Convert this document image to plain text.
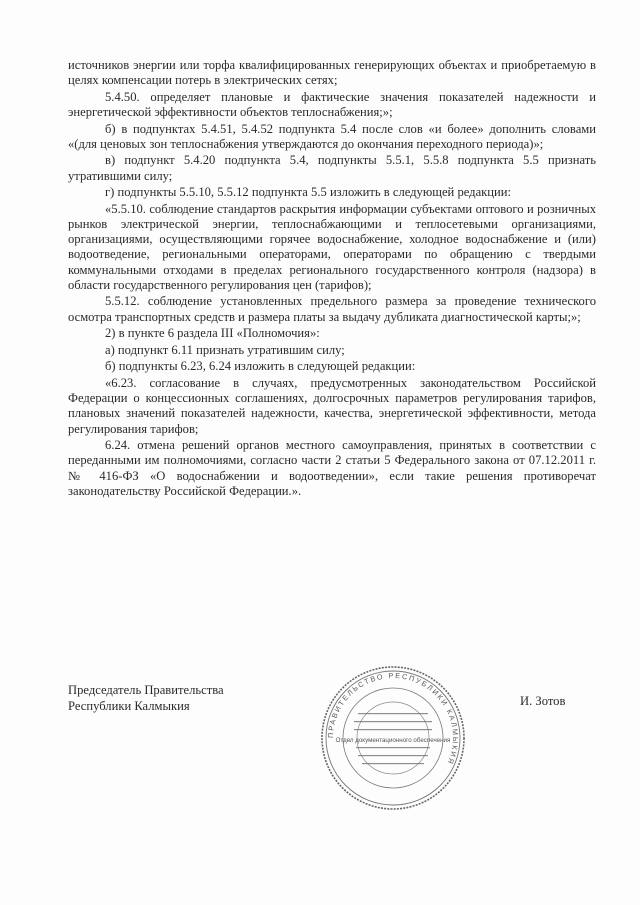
источников энергии или торфа квалифицированных генерирующих объектах и приобретаемую в целях компенсации потерь в электрических сетях;

5.4.50. определяет плановые и фактические значения показателей надежности и энергетической эффективности объектов теплоснабжения;»;

б) в подпунктах 5.4.51, 5.4.52 подпункта 5.4 после слов «и более» дополнить словами «(для ценовых зон теплоснабжения утверждаются до окончания переходного периода)»;

в) подпункт 5.4.20 подпункта 5.4, подпункты 5.5.1, 5.5.8 подпункта 5.5 признать утратившими силу;

г) подпункты 5.5.10, 5.5.12 подпункта 5.5 изложить в следующей редакции:

«5.5.10. соблюдение стандартов раскрытия информации субъектами оптового и розничных рынков электрической энергии, теплоснабжающими и теплосетевыми организациями, организациями, осуществляющими горячее водоснабжение, холодное водоснабжение и (или) водоотведение, региональными операторами, операторами по обращению с твердыми коммунальными отходами в пределах регионального государственного контроля (надзора) в области государственного регулирования цен (тарифов);

5.5.12. соблюдение установленных предельного размера за проведение технического осмотра транспортных средств и размера платы за выдачу дубликата диагностической карты;»;

2) в пункте 6 раздела III «Полномочия»:

а) подпункт 6.11 признать утратившим силу;

б) подпункты 6.23, 6.24 изложить в следующей редакции:

«6.23. согласование в случаях, предусмотренных законодательством Российской Федерации о концессионных соглашениях, долгосрочных параметров регулирования тарифов, плановых значений показателей надежности, качества, энергетической эффективности, метода регулирования тарифов;

6.24. отмена решений органов местного самоуправления, принятых в соответствии с переданными им полномочиями, согласно части 2 статьи 5 Федерального закона от 07.12.2011 г. № 416-ФЗ «О водоснабжении и водоотведении», если такие решения противоречат законодательству Российской Федерации.».

Председатель Правительства
Республики Калмыкия	И. Зотов
ПРАВИТЕЛЬСТВО РЕСПУБЛИКИ КАЛМЫКИЯ
Отдел документационного обеспечения
